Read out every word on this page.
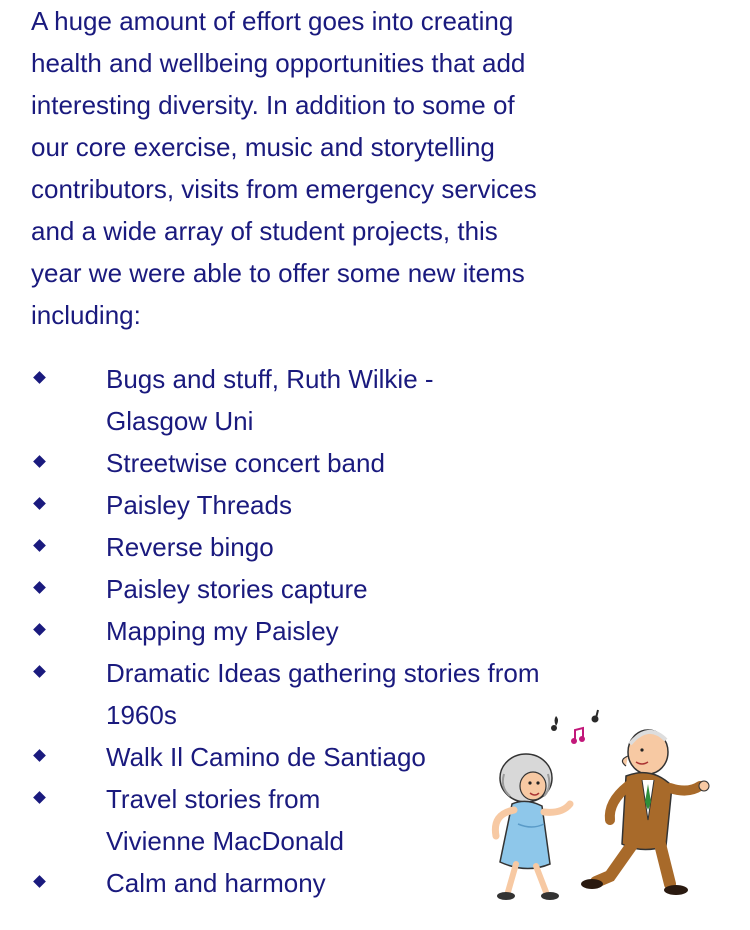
A huge amount of effort goes into creating
health and wellbeing opportunities that add
interesting diversity. In addition to some of
our core exercise, music and storytelling
contributors, visits from emergency services
and a wide array of student projects, this
year we were able to offer some new items
including:
Bugs and stuff, Ruth Wilkie -
Glasgow Uni
Streetwise concert band
Paisley Threads
Reverse bingo
Paisley stories capture
Mapping my Paisley
Dramatic Ideas gathering stories from
1960s
Walk Il Camino de Santiago
Travel stories from
Vivienne MacDonald
Calm and harmony
